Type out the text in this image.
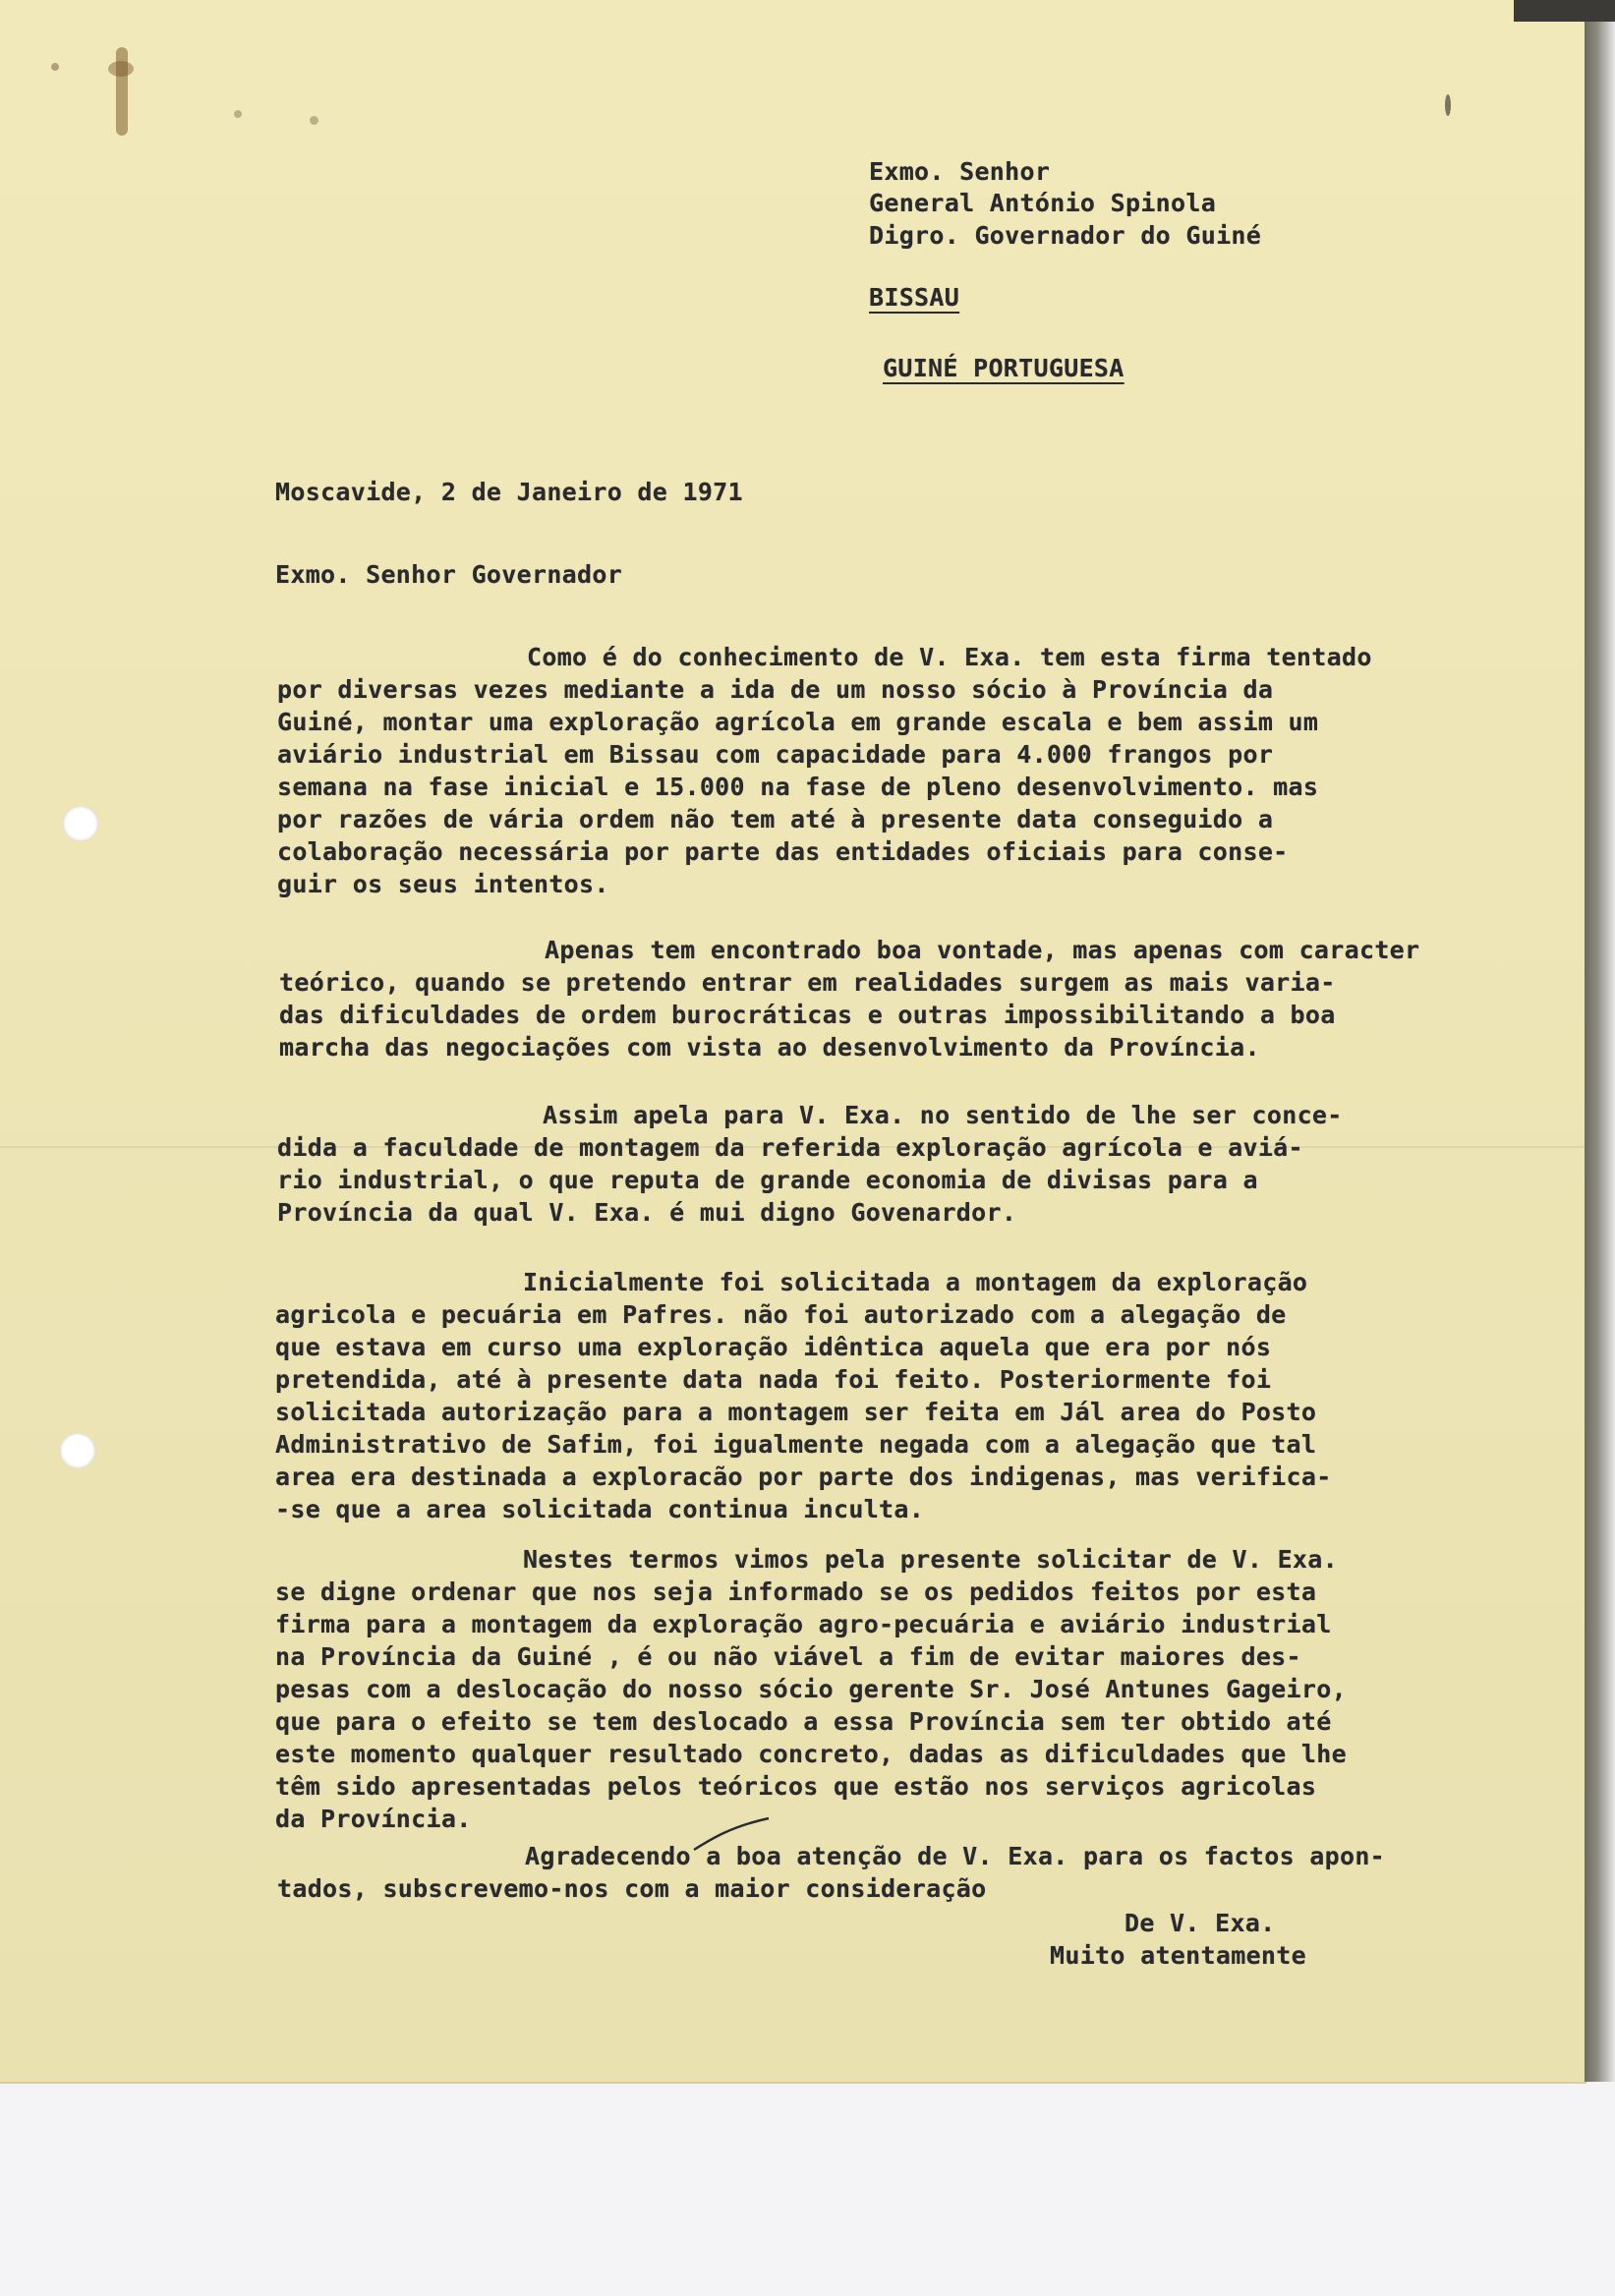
Exmo. Senhor
General António Spinola
Digro. Governador do Guiné
BISSAU
GUINÉ PORTUGUESA
Moscavide, 2 de Janeiro de 1971
Exmo. Senhor Governador
Como é do conhecimento de V. Exa. tem esta firma tentado
por diversas vezes mediante a ida de um nosso sócio à Província da
Guiné, montar uma exploração agrícola em grande escala e bem assim um
aviário industrial em Bissau com capacidade para 4.000 frangos por
semana na fase inicial e 15.000 na fase de pleno desenvolvimento. mas
por razões de vária ordem não tem até à presente data conseguido a
colaboração necessária por parte das entidades oficiais para conse-
guir os seus intentos.
Apenas tem encontrado boa vontade, mas apenas com caracter
teórico, quando se pretendo entrar em realidades surgem as mais varia-
das dificuldades de ordem burocráticas e outras impossibilitando a boa
marcha das negociações com vista ao desenvolvimento da Província.
Assim apela para V. Exa. no sentido de lhe ser conce-
dida a faculdade de montagem da referida exploração agrícola e aviá-
rio industrial, o que reputa de grande economia de divisas para a
Província da qual V. Exa. é mui digno Govenardor.
Inicialmente foi solicitada a montagem da exploração
agricola e pecuária em Pafres. não foi autorizado com a alegação de
que estava em curso uma exploração idêntica aquela que era por nós
pretendida, até à presente data nada foi feito. Posteriormente foi
solicitada autorização para a montagem ser feita em Jál area do Posto
Administrativo de Safim, foi igualmente negada com a alegação que tal
area era destinada a exploracão por parte dos indigenas, mas verifica-
-se que a area solicitada continua inculta.
Nestes termos vimos pela presente solicitar de V. Exa.
se digne ordenar que nos seja informado se os pedidos feitos por esta
firma para a montagem da exploração agro-pecuária e aviário industrial
na Província da Guiné , é ou não viável a fim de evitar maiores des-
pesas com a deslocação do nosso sócio gerente Sr. José Antunes Gageiro,
que para o efeito se tem deslocado a essa Província sem ter obtido até
este momento qualquer resultado concreto, dadas as dificuldades que lhe
têm sido apresentadas pelos teóricos que estão nos serviços agricolas
da Província.
Agradecendo a boa atenção de V. Exa. para os factos apon-
tados, subscrevemo-nos com a maior consideração
De V. Exa.
Muito atentamente
